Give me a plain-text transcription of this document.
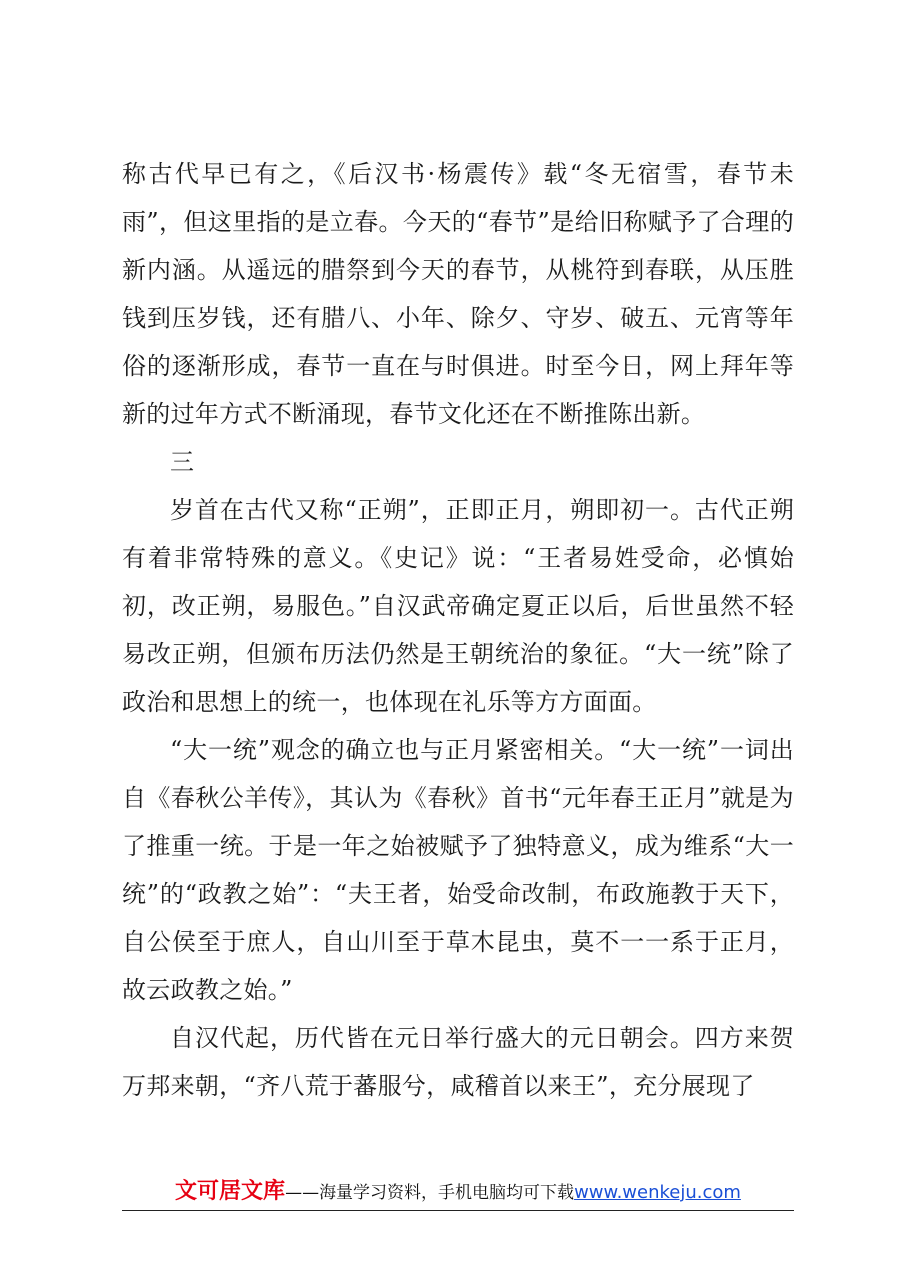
称古代早已有之，《后汉书·杨震传》载“冬无宿雪，春节未雨”，但这里指的是立春。今天的“春节”是给旧称赋予了合理的新内涵。从遥远的腊祭到今天的春节，从桃符到春联，从压胜钱到压岁钱，还有腊八、小年、除夕、守岁、破五、元宵等年俗的逐渐形成，春节一直在与时俱进。时至今日，网上拜年等新的过年方式不断涌现，春节文化还在不断推陈出新。

三

岁首在古代又称“正朔”，正即正月，朔即初一。古代正朔有着非常特殊的意义。《史记》说：“王者易姓受命，必慎始初，改正朔，易服色。”自汉武帝确定夏正以后，后世虽然不轻易改正朔，但颁布历法仍然是王朝统治的象征。“大一统”除了政治和思想上的统一，也体现在礼乐等方方面面。

“大一统”观念的确立也与正月紧密相关。“大一统”一词出自《春秋公羊传》，其认为《春秋》首书“元年春王正月”就是为了推重一统。于是一年之始被赋予了独特意义，成为维系“大一统”的“政教之始”：“夫王者，始受命改制，布政施教于天下，自公侯至于庶人，自山川至于草木昆虫，莫不一一系于正月，故云政教之始。”

自汉代起，历代皆在元日举行盛大的元日朝会。四方来贺万邦来朝，“齐八荒于蕃服兮，咸稽首以来王”，充分展现了

文可居文库——海量学习资料，手机电脑均可下载www.wenkeju.com
